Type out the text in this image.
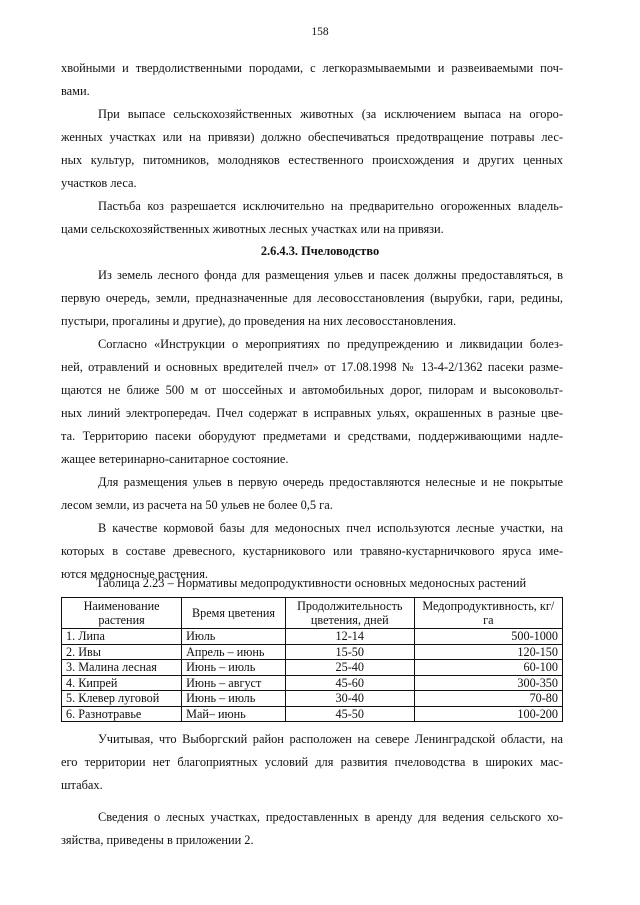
158

хвойными и твердолиственными породами, с легкоразмываемыми и развеиваемыми поч-
вами.

При выпасе сельскохозяйственных животных (за исключением выпаса на огоро-
женных участках или на привязи) должно обеспечиваться предотвращение потравы лес-
ных культур, питомников, молодняков естественного происхождения и других ценных
участков леса.

Пастьба коз разрешается исключительно на предварительно огороженных владель-
цами сельскохозяйственных животных лесных участках или на привязи.

2.6.4.3. Пчеловодство

Из земель лесного фонда для размещения ульев и пасек должны предоставляться, в
первую очередь, земли, предназначенные для лесовосстановления (вырубки, гари, редины,
пустыри, прогалины и другие), до проведения на них лесовосстановления.

Согласно «Инструкции о мероприятиях по предупреждению и ликвидации болез-
ней, отравлений и основных вредителей пчел» от 17.08.1998 № 13-4-2/1362 пасеки разме-
щаются не ближе 500 м от шоссейных и автомобильных дорог, пилорам и высоковольт-
ных линий электропередач. Пчел содержат в исправных ульях, окрашенных в разные цве-
та. Территорию пасеки оборудуют предметами и средствами, поддерживающими надле-
жащее ветеринарно-санитарное состояние.

Для размещения ульев в первую очередь предоставляются нелесные и не покрытые
лесом земли, из расчета на 50 ульев не более 0,5 га.

В качестве кормовой базы для медоносных пчел используются лесные участки, на
которых в составе древесного, кустарникового или травяно-кустарничкового яруса име-
ются медоносные растения.

Таблица 2.23 – Нормативы медопродуктивности основных медоносных растений
Наименование растения	Время цветения	Продолжительность цветения, дней	Медопродуктивность, кг/га
1. Липа	Июль	12-14	500-1000
2. Ивы	Апрель – июнь	15-50	120-150
3. Малина лесная	Июнь – июль	25-40	60-100
4. Кипрей	Июнь – август	45-60	300-350
5. Клевер луговой	Июнь – июль	30-40	70-80
6. Разнотравье	Май– июнь	45-50	100-200

Учитывая, что Выборгский район расположен на севере Ленинградской области, на
его территории нет благоприятных условий для развития пчеловодства в широких мас-
штабах.

Сведения о лесных участках, предоставленных в аренду для ведения сельского хо-
зяйства, приведены в приложении 2.
